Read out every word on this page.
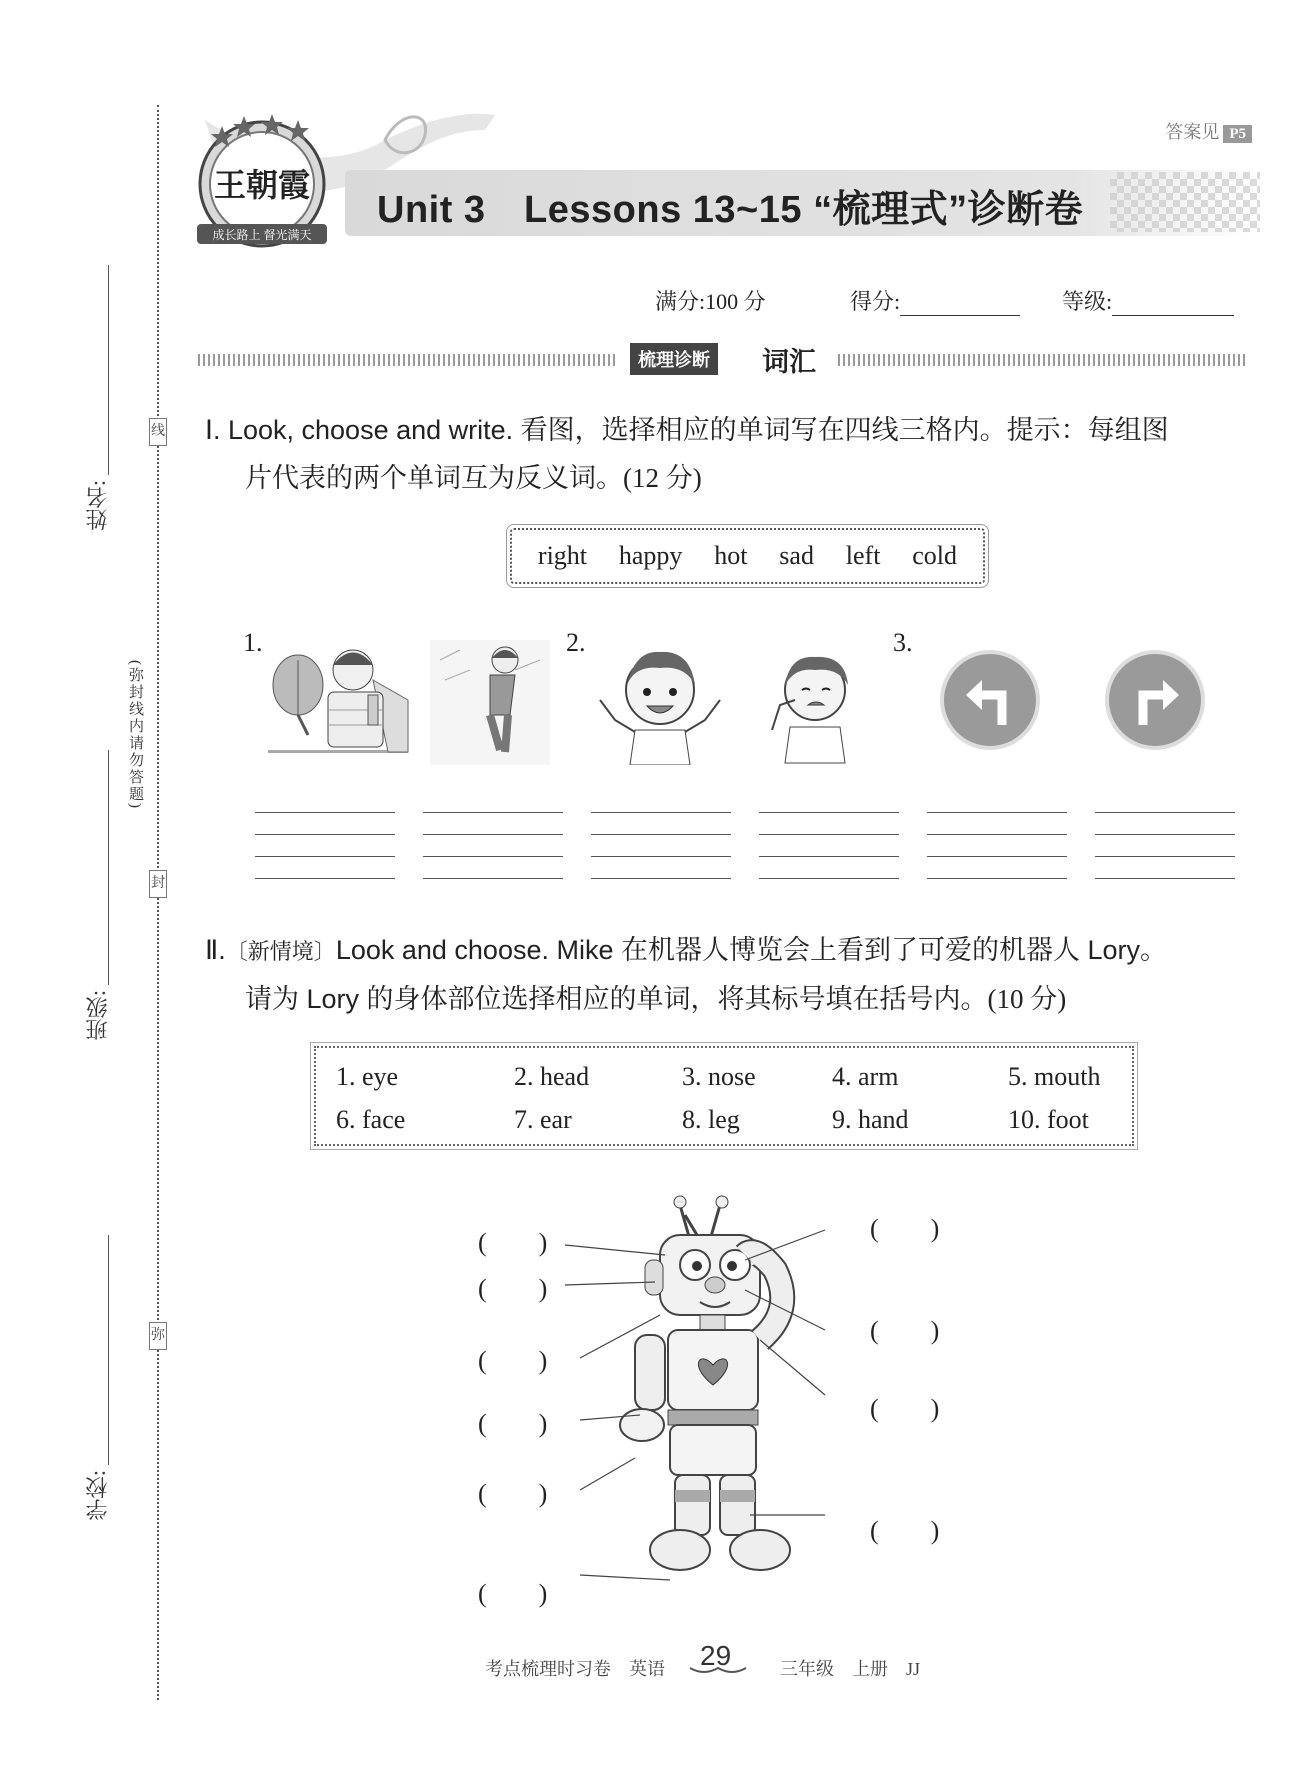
姓名:
班级:
学校:
线
封
弥
(弥封线内请勿答题)
答案见 P5
王朝霞
成长路上 督光满天
Unit 3　Lessons 13~15 “梳理式”诊断卷
满分:100 分	得分:	等级:
梳理诊断 词汇
Ⅰ. Look, choose and write. 看图，选择相应的单词写在四线三格内。提示：每组图
片代表的两个单词互为反义词。(12 分)
right happy hot sad left cold
1.	2.	3.
Ⅱ.〔新情境〕Look and choose. Mike 在机器人博览会上看到了可爱的机器人 Lory。
请为 Lory 的身体部位选择相应的单词，将其标号填在括号内。(10 分)
1. eye	2. head	3. nose	4. arm	5. mouth
6. face	7. ear	8. leg	9. hand	10. foot
(　　)
(　　)
(　　)
(　　)
(　　)
(　　)
(　　)
(　　)
(　　)
(　　)
考点梳理时习卷　英语 29	三年级　上册　JJ
